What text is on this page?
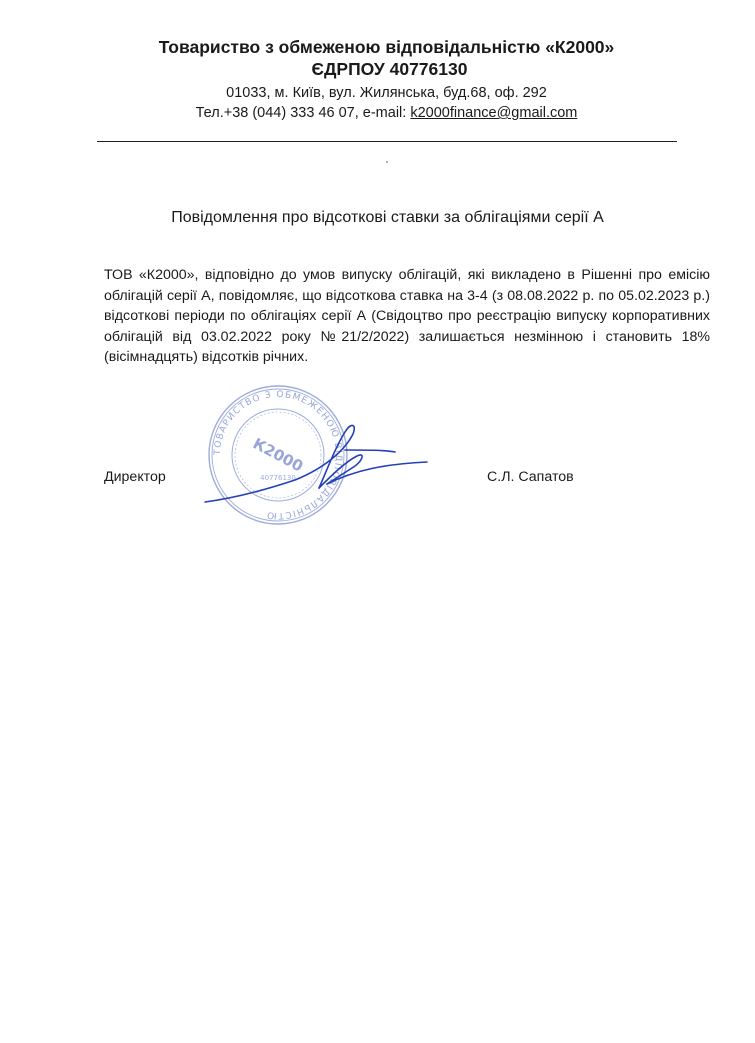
Товариство з обмеженою відповідальністю «К2000»
ЄДРПОУ 40776130
01033, м. Київ, вул. Жилянська, буд.68, оф. 292
Тел.+38 (044) 333 46 07, e-mail: k2000finance@gmail.com
Повідомлення про відсоткові ставки за облігаціями серії А

ТОВ «К2000», відповідно до умов випуску облігацій, які викладено в Рішенні про емісію облігацій серії А, повідомляє, що відсоткова ставка на 3-4 (з 08.08.2022 р. по 05.02.2023 р.) відсоткові періоди по облігаціях серії А (Свідоцтво про реєстрацію випуску корпоративних облігацій від 03.02.2022 року №21/2/2022) залишається незмінною і становить 18% (вісімнадцять) відсотків річних.

Директор
ТОВАРИСТВО З ОБМЕЖЕНОЮ ВІДПОВІДАЛЬНІСТЮ
К2000
40776130	С.Л. Сапатов
